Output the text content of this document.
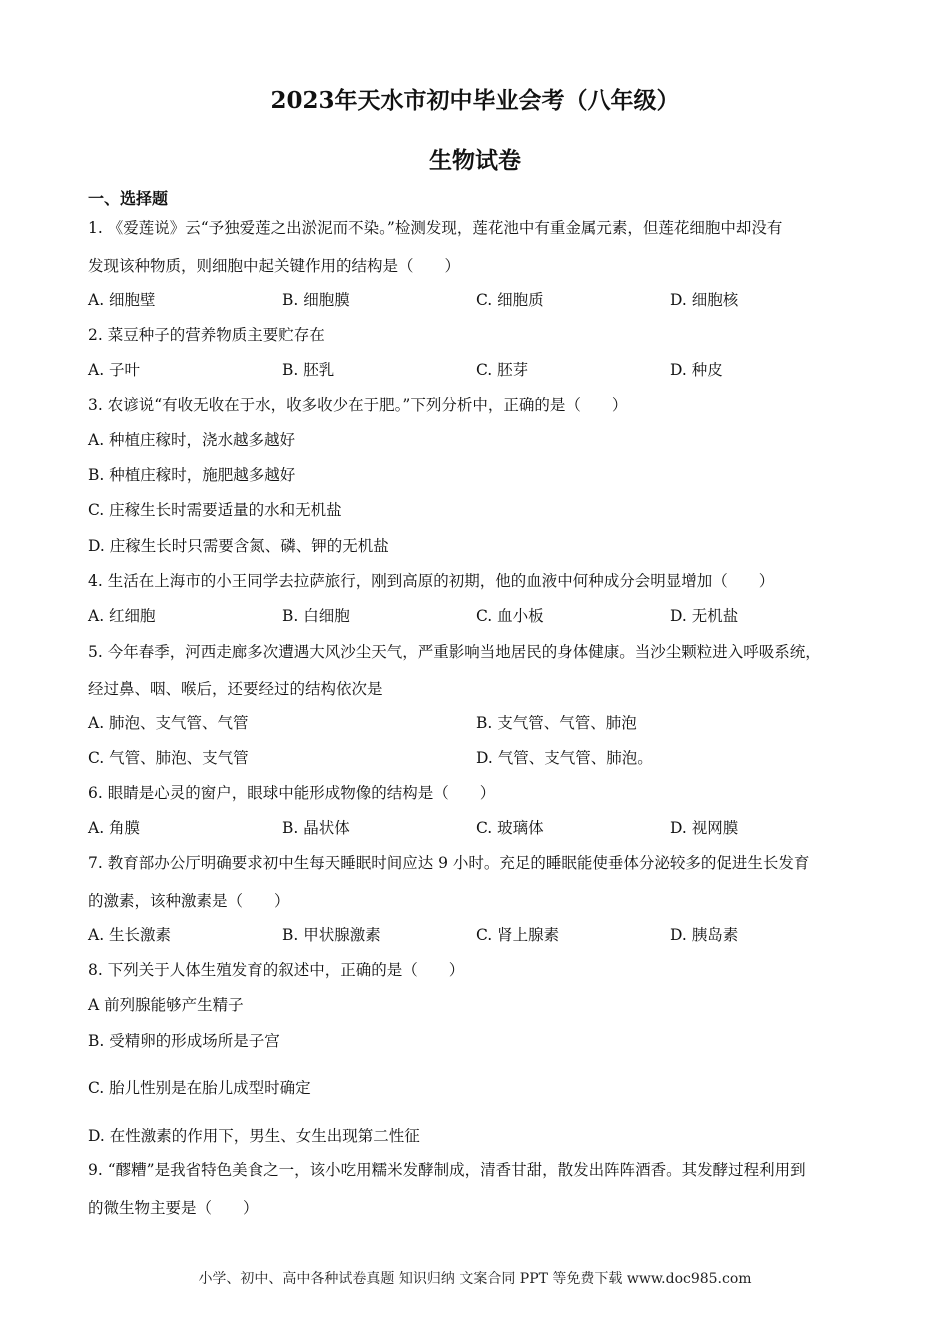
2023年天水市初中毕业会考（八年级）
生物试卷
一、选择题
1. 《爱莲说》云“予独爱莲之出淤泥而不染。”检测发现，莲花池中有重金属元素，但莲花细胞中却没有
发现该种物质，则细胞中起关键作用的结构是（　　）
A. 细胞壁	B. 细胞膜	C. 细胞质	D. 细胞核
2. 菜豆种子的营养物质主要贮存在
A. 子叶	B. 胚乳	C. 胚芽	D. 种皮
3. 农谚说“有收无收在于水，收多收少在于肥。”下列分析中，正确的是（　　）
A. 种植庄稼时，浇水越多越好
B. 种植庄稼时，施肥越多越好
C. 庄稼生长时需要适量的水和无机盐
D. 庄稼生长时只需要含氮、磷、钾的无机盐
4. 生活在上海市的小王同学去拉萨旅行，刚到高原的初期，他的血液中何种成分会明显增加（　　）
A. 红细胞	B. 白细胞	C. 血小板	D. 无机盐
5. 今年春季，河西走廊多次遭遇大风沙尘天气，严重影响当地居民的身体健康。当沙尘颗粒进入呼吸系统，
经过鼻、咽、喉后，还要经过的结构依次是
A. 肺泡、支气管、气管	B. 支气管、气管、肺泡
C. 气管、肺泡、支气管	D. 气管、支气管、肺泡。
6. 眼睛是心灵的窗户，眼球中能形成物像的结构是（　　）
A. 角膜	B. 晶状体	C. 玻璃体	D. 视网膜
7. 教育部办公厅明确要求初中生每天睡眠时间应达 9 小时。充足的睡眠能使垂体分泌较多的促进生长发育
的激素，该种激素是（　　）
A. 生长激素	B. 甲状腺激素	C. 肾上腺素	D. 胰岛素
8. 下列关于人体生殖发育的叙述中，正确的是（　　）
A 前列腺能够产生精子
B. 受精卵的形成场所是子宫
C. 胎儿性别是在胎儿成型时确定
D. 在性激素的作用下，男生、女生出现第二性征
9. “醪糟”是我省特色美食之一，该小吃用糯米发酵制成，清香甘甜，散发出阵阵酒香。其发酵过程利用到
的微生物主要是（　　）
小学、初中、高中各种试卷真题 知识归纳 文案合同 PPT 等免费下载 www.doc985.com
